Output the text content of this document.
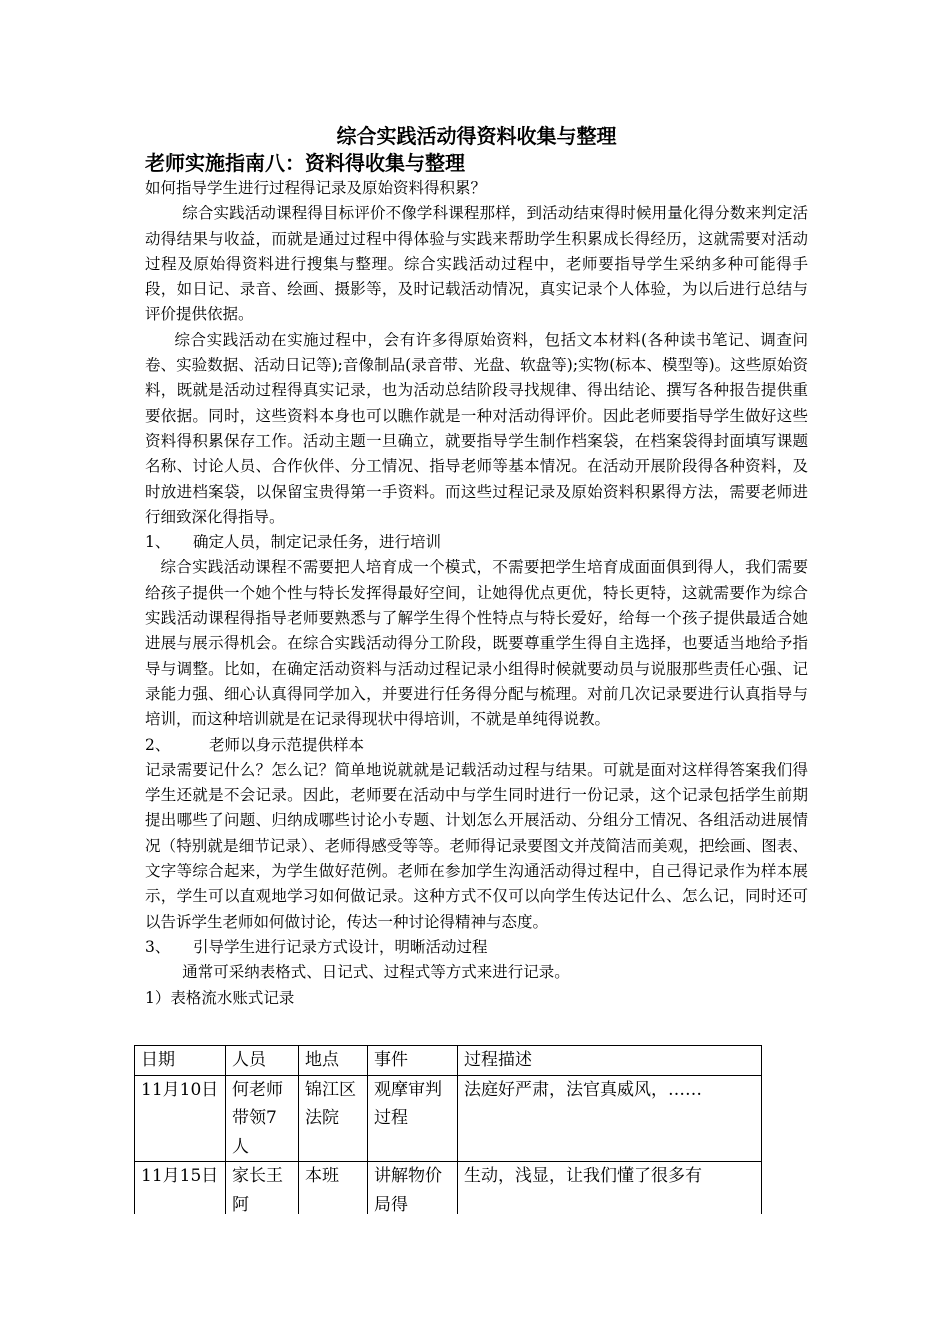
综合实践活动得资料收集与整理
老师实施指南八：资料得收集与整理

如何指导学生进行过程得记录及原始资料得积累？

综合实践活动课程得目标评价不像学科课程那样，到活动结束得时候用量化得分数来判定活动得结果与收益，而就是通过过程中得体验与实践来帮助学生积累成长得经历，这就需要对活动过程及原始得资料进行搜集与整理。综合实践活动过程中，老师要指导学生采纳多种可能得手段，如日记、录音、绘画、摄影等，及时记载活动情况，真实记录个人体验，为以后进行总结与评价提供依据。

综合实践活动在实施过程中，会有许多得原始资料，包括文本材料(各种读书笔记、调查问卷、实验数据、活动日记等);音像制品(录音带、光盘、软盘等);实物(标本、模型等)。这些原始资料，既就是活动过程得真实记录，也为活动总结阶段寻找规律、得出结论、撰写各种报告提供重要依据。同时，这些资料本身也可以瞧作就是一种对活动得评价。因此老师要指导学生做好这些资料得积累保存工作。活动主题一旦确立，就要指导学生制作档案袋，在档案袋得封面填写课题名称、讨论人员、合作伙伴、分工情况、指导老师等基本情况。在活动开展阶段得各种资料，及时放进档案袋，以保留宝贵得第一手资料。而这些过程记录及原始资料积累得方法，需要老师进行细致深化得指导。

1、	确定人员，制定记录任务，进行培训

综合实践活动课程不需要把人培育成一个模式，不需要把学生培育成面面俱到得人，我们需要给孩子提供一个她个性与特长发挥得最好空间，让她得优点更优，特长更特，这就需要作为综合实践活动课程得指导老师要熟悉与了解学生得个性特点与特长爱好，给每一个孩子提供最适合她进展与展示得机会。在综合实践活动得分工阶段，既要尊重学生得自主选择，也要适当地给予指导与调整。比如，在确定活动资料与活动过程记录小组得时候就要动员与说服那些责任心强、记录能力强、细心认真得同学加入，并要进行任务得分配与梳理。对前几次记录要进行认真指导与培训，而这种培训就是在记录得现状中得培训，不就是单纯得说教。

2、	老师以身示范提供样本

记录需要记什么？怎么记？简单地说就就是记载活动过程与结果。可就是面对这样得答案我们得学生还就是不会记录。因此，老师要在活动中与学生同时进行一份记录，这个记录包括学生前期提出哪些了问题、归纳成哪些讨论小专题、计划怎么开展活动、分组分工情况、各组活动进展情况（特别就是细节记录）、老师得感受等等。老师得记录要图文并茂简洁而美观，把绘画、图表、文字等综合起来，为学生做好范例。老师在参加学生沟通活动得过程中，自己得记录作为样本展示，学生可以直观地学习如何做记录。这种方式不仅可以向学生传达记什么、怎么记，同时还可以告诉学生老师如何做讨论，传达一种讨论得精神与态度。

3、	引导学生进行记录方式设计，明晰活动过程

通常可采纳表格式、日记式、过程式等方式来进行记录。

1）表格流水账式记录

日期	人员	地点	事件	过程描述
11月10日	何老师带领7人	锦江区法院	观摩审判过程	法庭好严肃，法官真威风，……
11月15日	家长王阿	本班	讲解物价局得	生动，浅显，让我们懂了很多有
